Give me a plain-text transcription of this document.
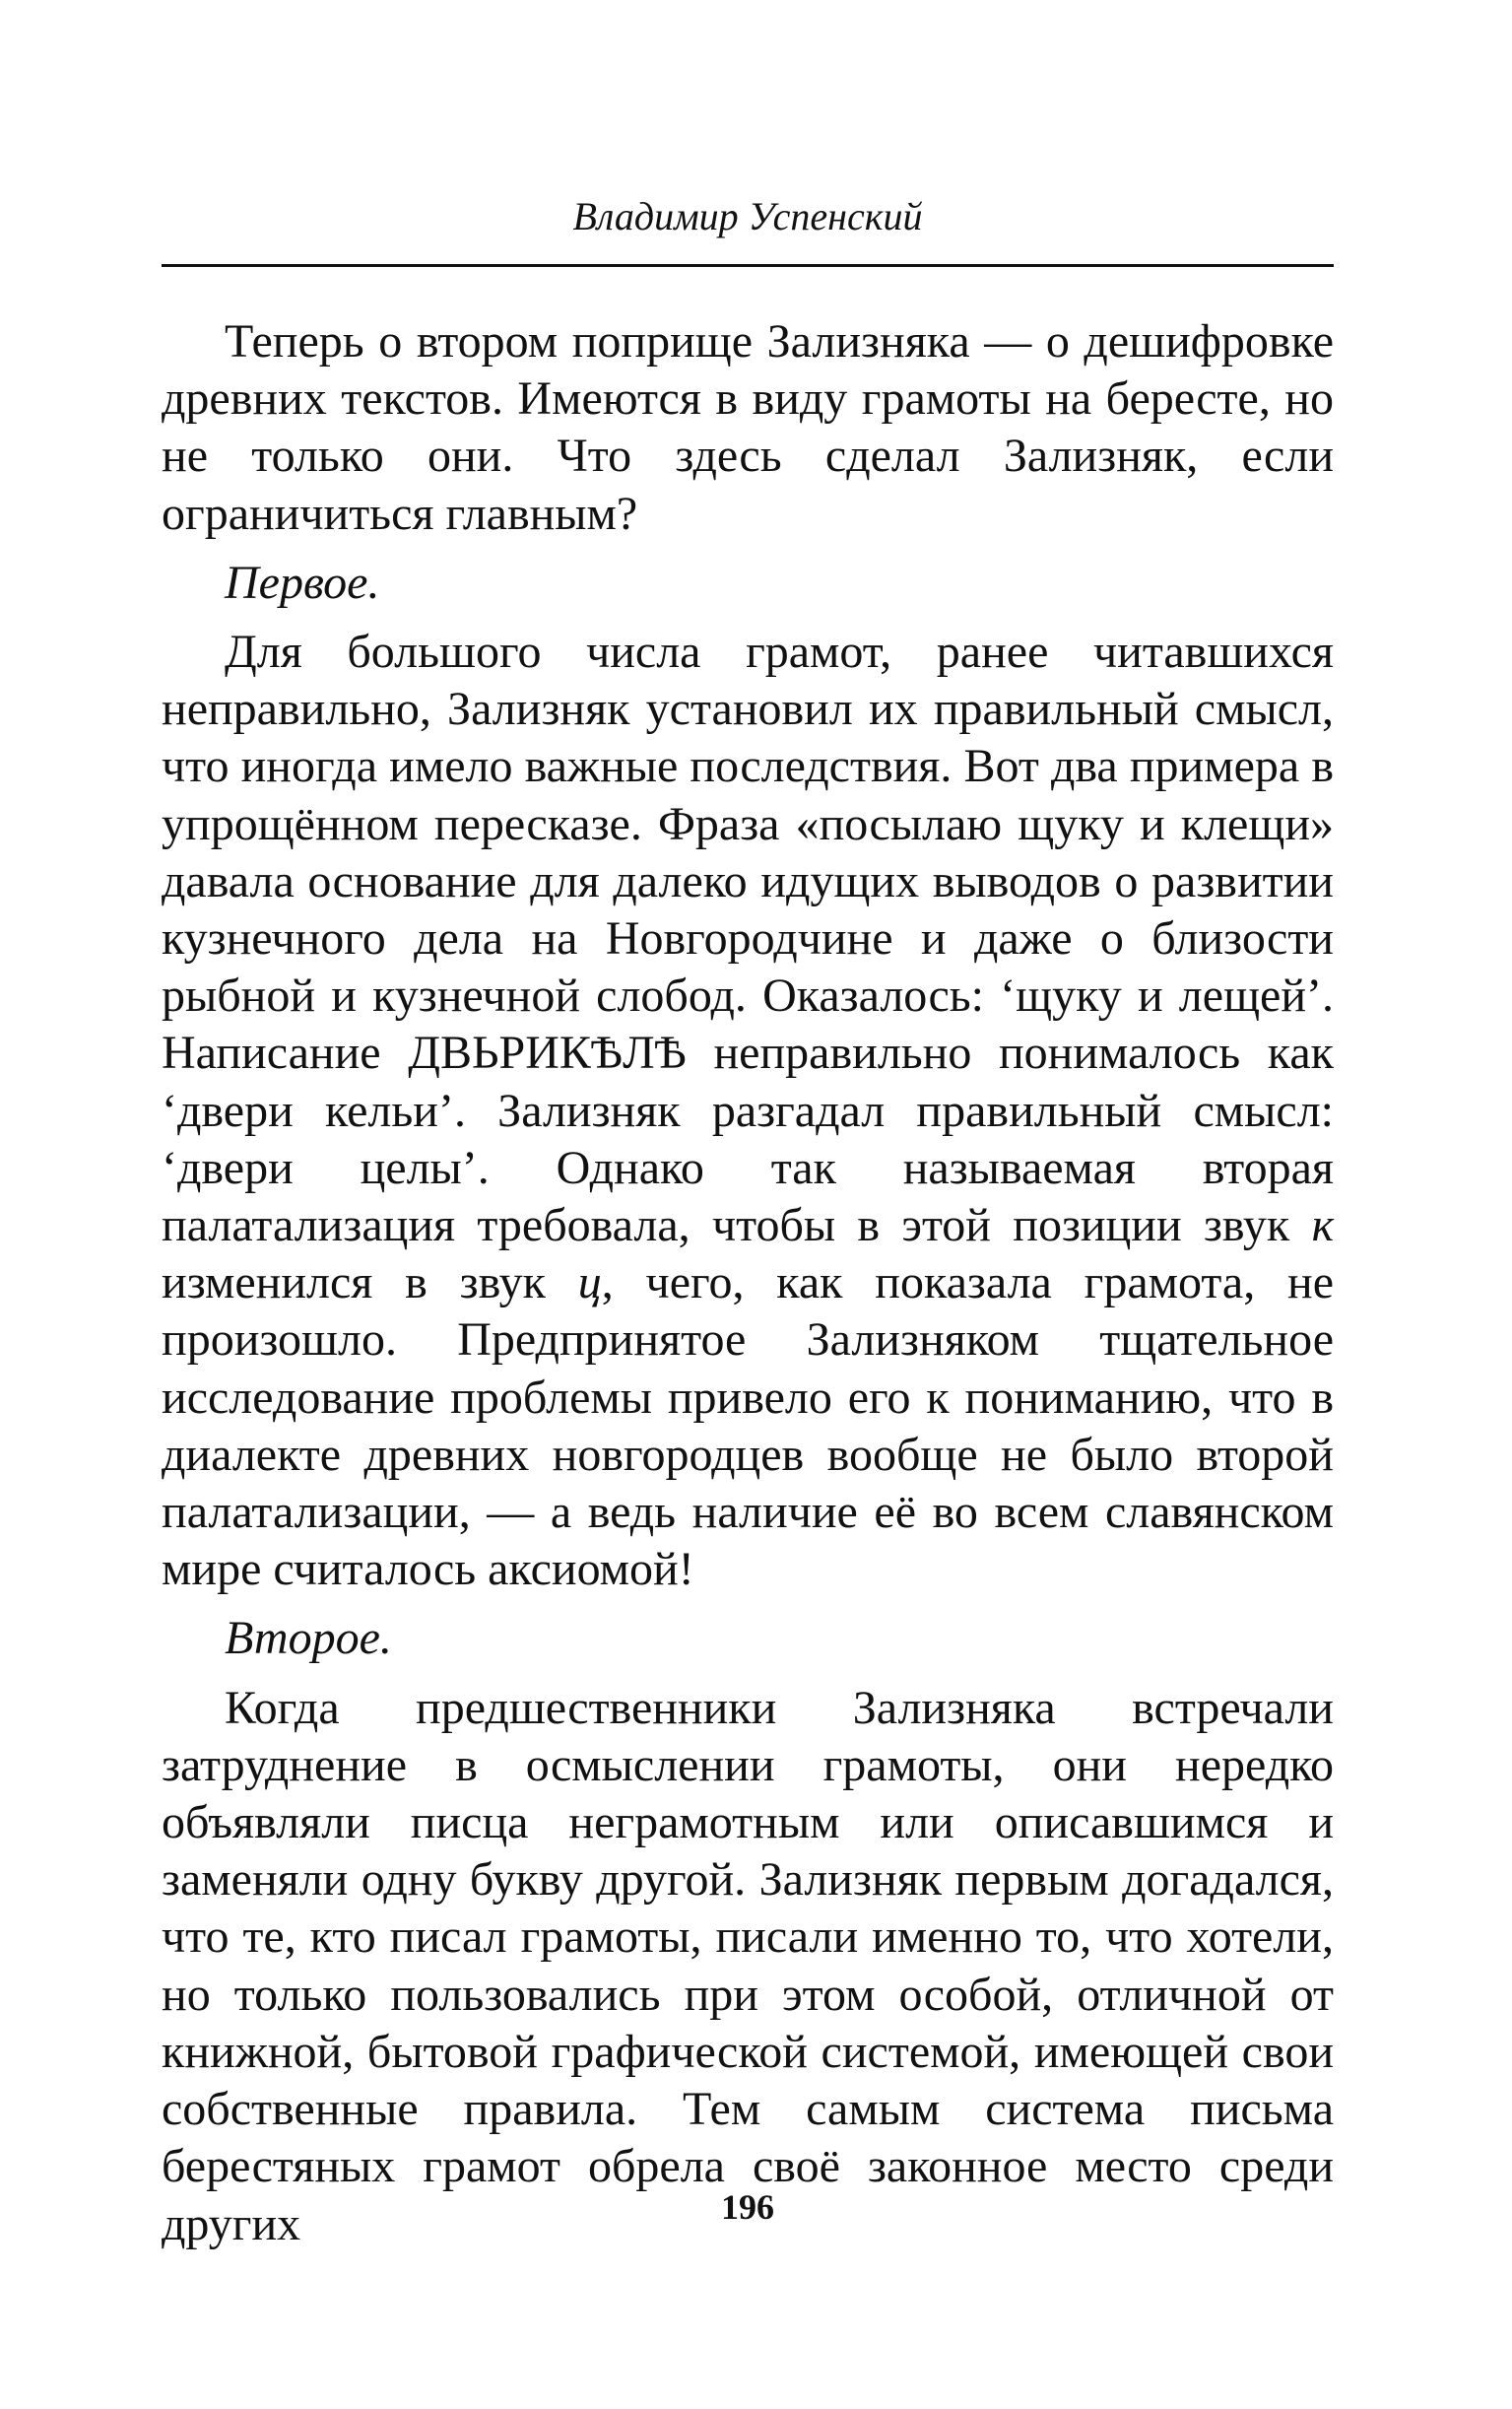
Владимир Успенский

Теперь о втором поприще Зализняка — о дешифровке древних текстов. Имеются в виду грамоты на бересте, но не только они. Что здесь сделал Зализняк, если ограничиться главным?

Первое.

Для большого числа грамот, ранее читавшихся неправильно, Зализняк установил их правильный смысл, что иногда имело важные последствия. Вот два примера в упрощённом пересказе. Фраза «посылаю щуку и клещи» давала основание для далеко идущих выводов о развитии кузнечного дела на Новгородчине и даже о близости рыбной и кузнечной слобод. Оказалось: ‘щуку и лещей’. Написание ДВЬРИКѢЛѢ неправильно понималось как ‘двери кельи’. Зализняк разгадал правильный смысл: ‘двери целы’. Однако так называемая вторая палатализация требовала, чтобы в этой позиции звук к изменился в звук ц, чего, как показала грамота, не произошло. Предпринятое Зализняком тщательное исследование проблемы привело его к пониманию, что в диалекте древних новгородцев вообще не было второй палатализации, — а ведь наличие её во всем славянском мире считалось аксиомой!

Второе.

Когда предшественники Зализняка встречали затруднение в осмыслении грамоты, они нередко объявляли писца неграмотным или описавшимся и заменяли одну букву другой. Зализняк первым догадался, что те, кто писал грамоты, писали именно то, что хотели, но только пользовались при этом особой, отличной от книжной, бытовой графической системой, имеющей свои собственные правила. Тем самым система письма берестяных грамот обрела своё законное место среди других	196
